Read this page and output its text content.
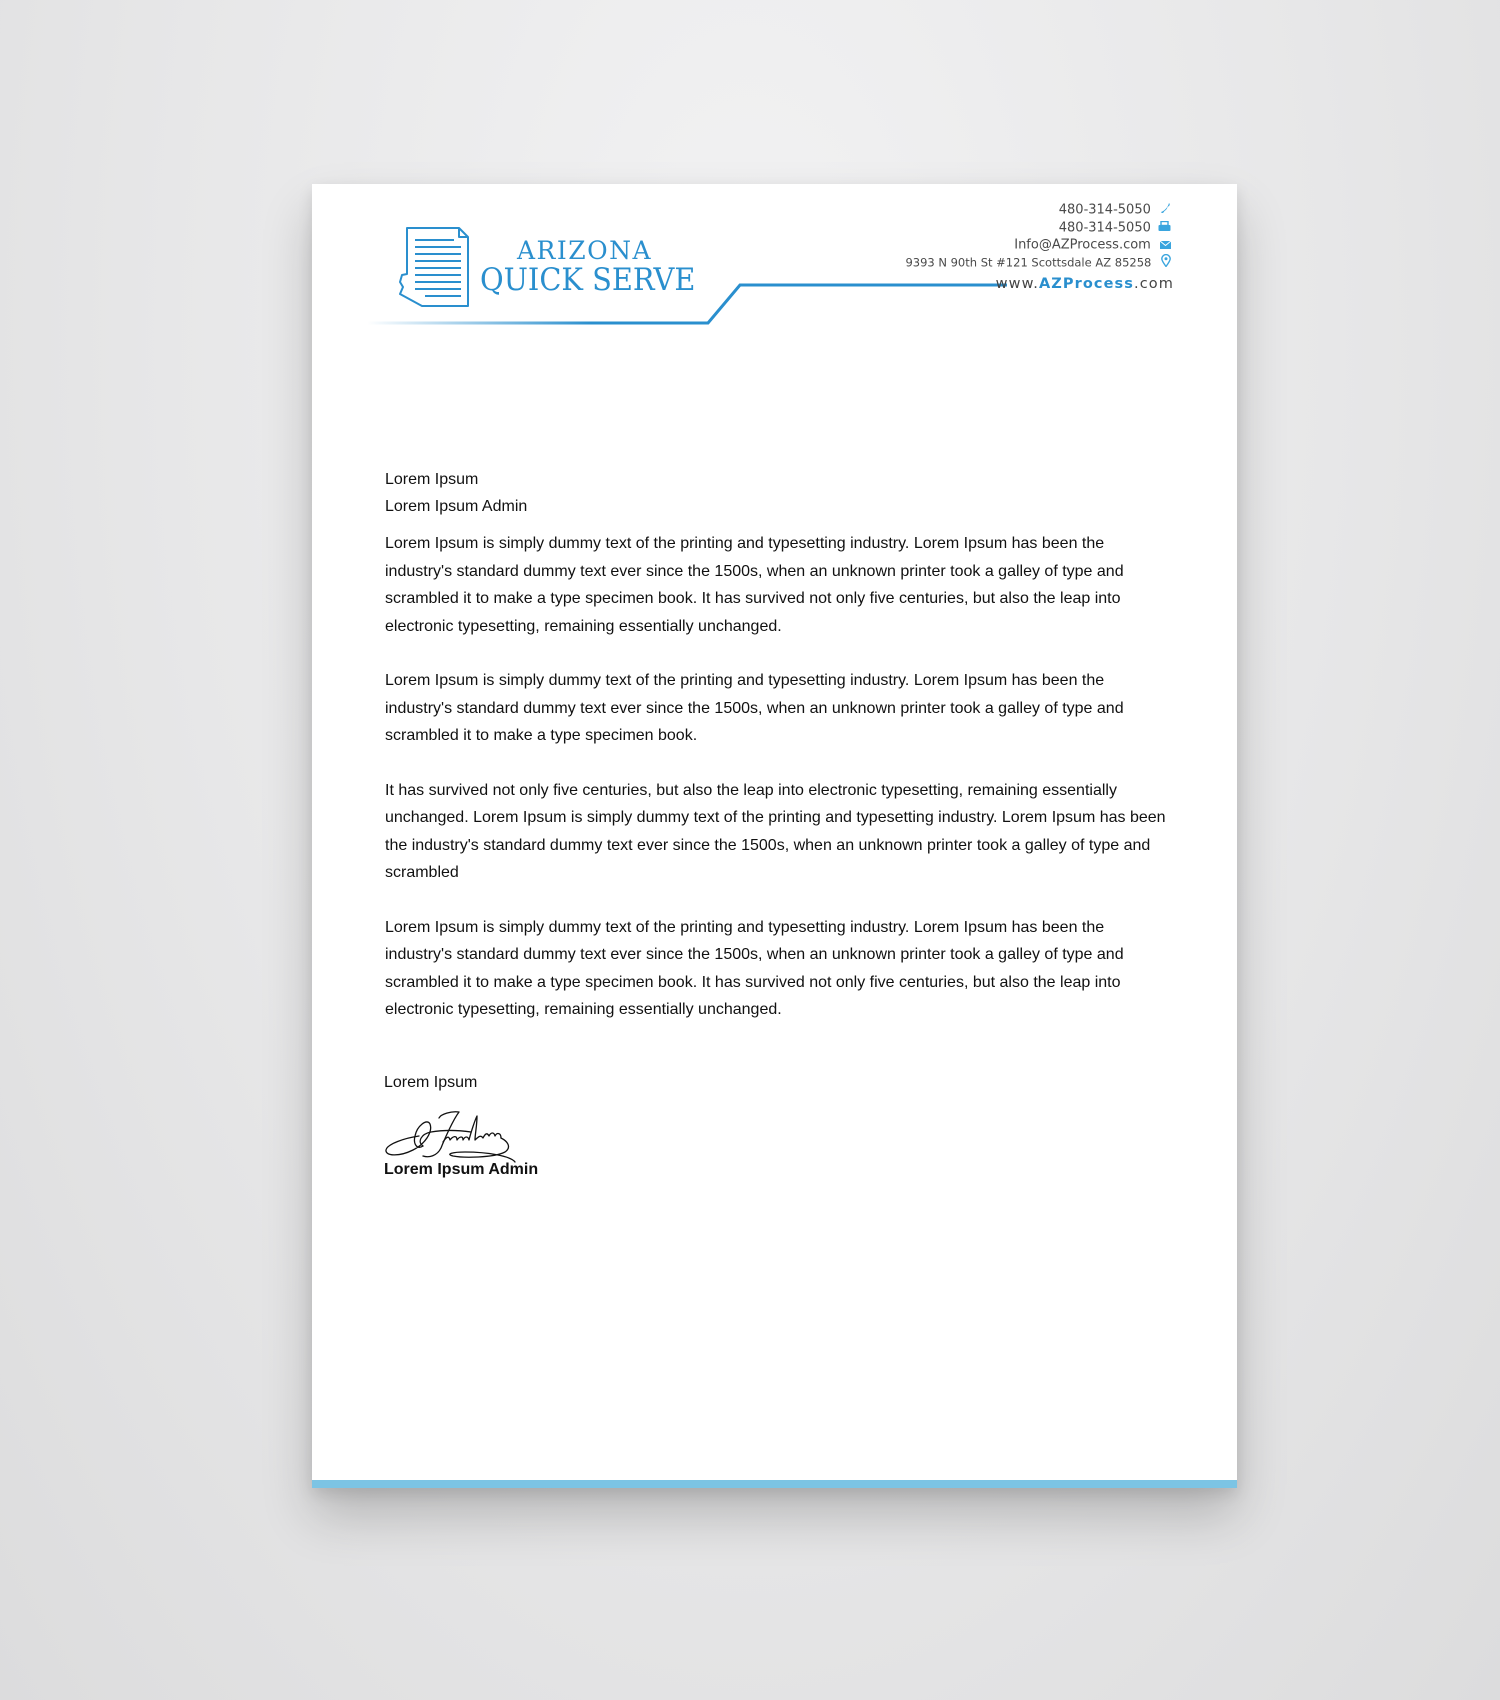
ARIZONA
QUICK SERVE
480-314-5050
480-314-5050
Info@AZProcess.com
9393 N 90th St #121 Scottsdale AZ 85258
www.AZProcess.com
Lorem Ipsum
Lorem Ipsum Admin

Lorem Ipsum is simply dummy text of the printing and typesetting industry. Lorem Ipsum has been the industry's standard dummy text ever since the 1500s, when an unknown printer took a galley of type and scrambled it to make a type specimen book. It has survived not only five centuries, but also the leap into electronic typesetting, remaining essentially unchanged.

Lorem Ipsum is simply dummy text of the printing and typesetting industry. Lorem Ipsum has been the industry's standard dummy text ever since the 1500s, when an unknown printer took a galley of type and scrambled it to make a type specimen book.

It has survived not only five centuries, but also the leap into electronic typesetting, remaining essentially unchanged. Lorem Ipsum is simply dummy text of the printing and typesetting industry. Lorem Ipsum has been the industry's standard dummy text ever since the 1500s, when an unknown printer took a galley of type and scrambled

Lorem Ipsum is simply dummy text of the printing and typesetting industry. Lorem Ipsum has been the industry's standard dummy text ever since the 1500s, when an unknown printer took a galley of type and scrambled it to make a type specimen book. It has survived not only five centuries, but also the leap into electronic typesetting, remaining essentially unchanged.

Lorem Ipsum
Lorem Ipsum Admin
